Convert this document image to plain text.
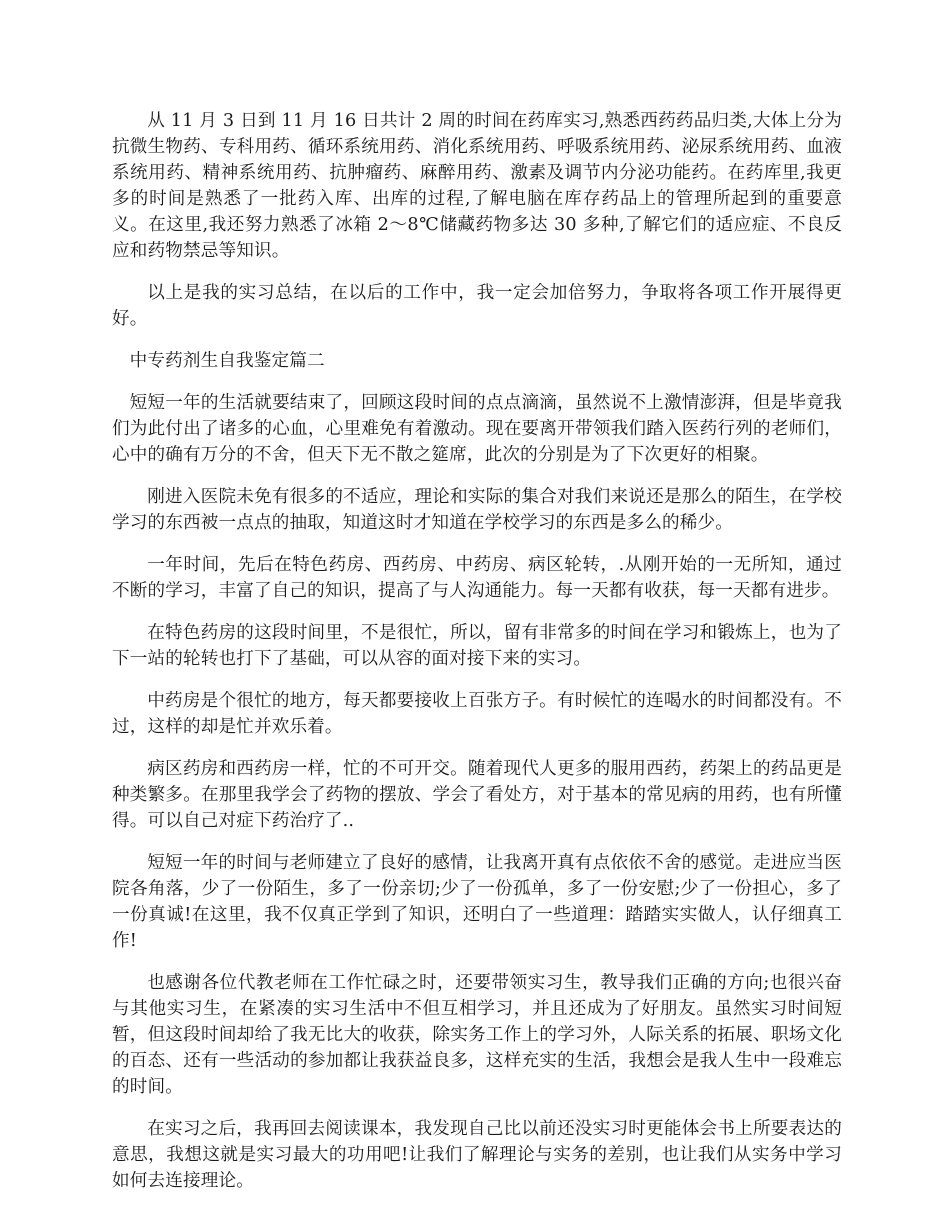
从 11 月 3 日到 11 月 16 日共计 2 周的时间在药库实习,熟悉西药药品归类,大体上分为抗微生物药、专科用药、循环系统用药、消化系统用药、呼吸系统用药、泌尿系统用药、血液系统用药、精神系统用药、抗肿瘤药、麻醉用药、激素及调节内分泌功能药。在药库里,我更多的时间是熟悉了一批药入库、出库的过程,了解电脑在库存药品上的管理所起到的重要意义。在这里,我还努力熟悉了冰箱 2～8℃储藏药物多达 30 多种,了解它们的适应症、不良反应和药物禁忌等知识。

以上是我的实习总结，在以后的工作中，我一定会加倍努力，争取将各项工作开展得更好。

中专药剂生自我鉴定篇二

短短一年的生活就要结束了，回顾这段时间的点点滴滴，虽然说不上激情澎湃，但是毕竟我们为此付出了诸多的心血，心里难免有着激动。现在要离开带领我们踏入医药行列的老师们，心中的确有万分的不舍，但天下无不散之筵席，此次的分别是为了下次更好的相聚。

刚进入医院未免有很多的不适应，理论和实际的集合对我们来说还是那么的陌生，在学校学习的东西被一点点的抽取，知道这时才知道在学校学习的东西是多么的稀少。

一年时间，先后在特色药房、西药房、中药房、病区轮转，.从刚开始的一无所知，通过不断的学习，丰富了自己的知识，提高了与人沟通能力。每一天都有收获，每一天都有进步。

在特色药房的这段时间里，不是很忙，所以，留有非常多的时间在学习和锻炼上，也为了下一站的轮转也打下了基础，可以从容的面对接下来的实习。

中药房是个很忙的地方，每天都要接收上百张方子。有时候忙的连喝水的时间都没有。不过，这样的却是忙并欢乐着。

病区药房和西药房一样，忙的不可开交。随着现代人更多的服用西药，药架上的药品更是种类繁多。在那里我学会了药物的摆放、学会了看处方，对于基本的常见病的用药，也有所懂得。可以自己对症下药治疗了..

短短一年的时间与老师建立了良好的感情，让我离开真有点依依不舍的感觉。走进应当医院各角落，少了一份陌生，多了一份亲切;少了一份孤单，多了一份安慰;少了一份担心，多了一份真诚!在这里，我不仅真正学到了知识，还明白了一些道理：踏踏实实做人，认仔细真工作!

也感谢各位代教老师在工作忙碌之时，还要带领实习生，教导我们正确的方向;也很兴奋与其他实习生，在紧凑的实习生活中不但互相学习，并且还成为了好朋友。虽然实习时间短暂，但这段时间却给了我无比大的收获，除实务工作上的学习外，人际关系的拓展、职场文化的百态、还有一些活动的参加都让我获益良多，这样充实的生活，我想会是我人生中一段难忘的时间。

在实习之后，我再回去阅读课本，我发现自己比以前还没实习时更能体会书上所要表达的意思，我想这就是实习最大的功用吧!让我们了解理论与实务的差别，也让我们从实务中学习如何去连接理论。
